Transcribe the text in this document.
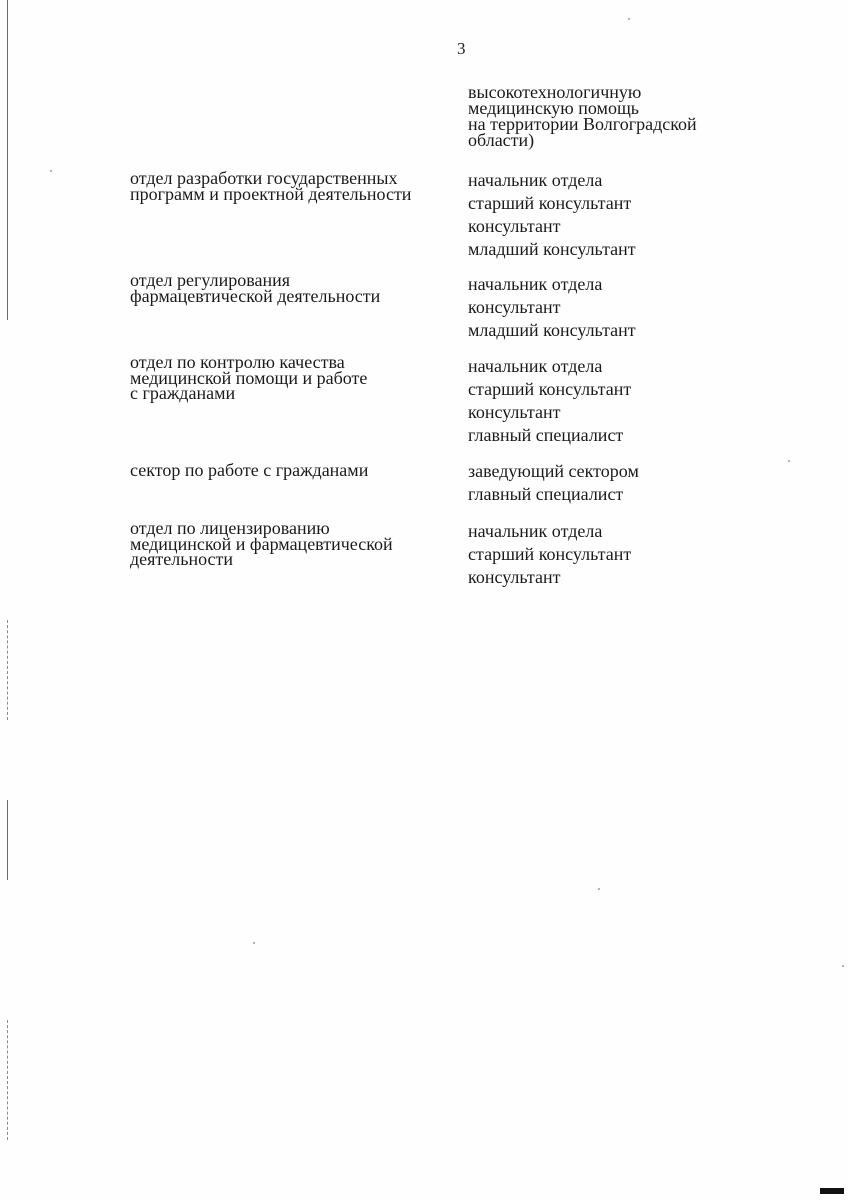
3
высокотехнологичную
медицинскую помощь
на территории Волгоградской
области)
отдел разработки государственных
программ и проектной деятельности
начальник отдела
старший консультант
консультант
младший консультант
отдел регулирования
фармацевтической деятельности
начальник отдела
консультант
младший консультант
отдел по контролю качества
медицинской помощи и работе
с гражданами
начальник отдела
старший консультант
консультант
главный специалист
сектор по работе с гражданами	заведующий сектором
главный специалист
отдел по лицензированию
медицинской и фармацевтической
деятельности
начальник отдела
старший консультант
консультант
